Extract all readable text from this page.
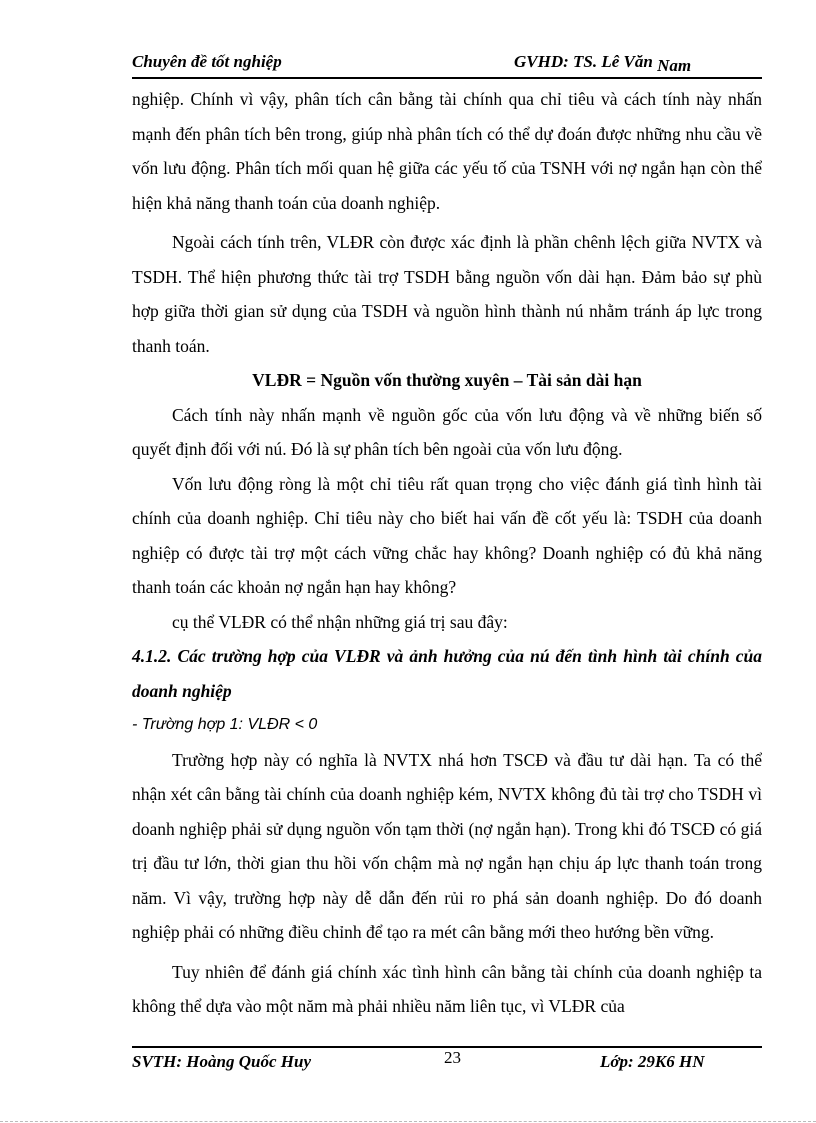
Chuyên đề tốt nghiệp	GVHD: TS. Lê Văn Nam

nghiệp. Chính vì vậy, phân tích cân bằng tài chính qua chỉ tiêu và cách tính này nhấn mạnh đến phân tích bên trong, giúp nhà phân tích có thể dự đoán được những nhu cầu về vốn lưu động. Phân tích mối quan hệ giữa các yếu tố của TSNH với nợ ngắn hạn còn thể hiện khả năng thanh toán của doanh nghiệp.

Ngoài cách tính trên, VLĐR còn được xác định là phần chênh lệch giữa NVTX và TSDH. Thể hiện phương thức tài trợ TSDH bằng nguồn vốn dài hạn. Đảm bảo sự phù hợp giữa thời gian sử dụng của TSDH và nguồn hình thành nú nhằm tránh áp lực trong thanh toán.

VLĐR = Nguồn vốn thường xuyên – Tài sản dài hạn

Cách tính này nhấn mạnh về nguồn gốc của vốn lưu động và về những biến số quyết định đối với nú. Đó là sự phân tích bên ngoài của vốn lưu động.

Vốn lưu động ròng là một chỉ tiêu rất quan trọng cho việc đánh giá tình hình tài chính của doanh nghiệp. Chỉ tiêu này cho biết hai vấn đề cốt yếu là: TSDH của doanh nghiệp có được tài trợ một cách vững chắc hay không? Doanh nghiệp có đủ khả năng thanh toán các khoản nợ ngắn hạn hay không?

cụ thể VLĐR có thể nhận những giá trị sau đây:

4.1.2. Các trường hợp của VLĐR và ảnh hưởng của nú đến tình hình tài chính của doanh nghiệp

- Trường hợp 1: VLĐR < 0

Trường hợp này có nghĩa là NVTX nhá hơn TSCĐ và đầu tư dài hạn. Ta có thể nhận xét cân bằng tài chính của doanh nghiệp kém, NVTX không đủ tài trợ cho TSDH vì doanh nghiệp phải sử dụng nguồn vốn tạm thời (nợ ngắn hạn). Trong khi đó TSCĐ có giá trị đầu tư lớn, thời gian thu hồi vốn chậm mà nợ ngắn hạn chịu áp lực thanh toán trong năm. Vì vậy, trường hợp này dễ dẫn đến rủi ro phá sản doanh nghiệp. Do đó doanh nghiệp phải có những điều chỉnh để tạo ra mét cân bằng mới theo hướng bền vững.

Tuy nhiên để đánh giá chính xác tình hình cân bằng tài chính của doanh nghiệp ta không thể dựa vào một năm mà phải nhiều năm liên tục, vì VLĐR của

SVTH: Hoàng Quốc Huy	23	Lớp: 29K6 HN
